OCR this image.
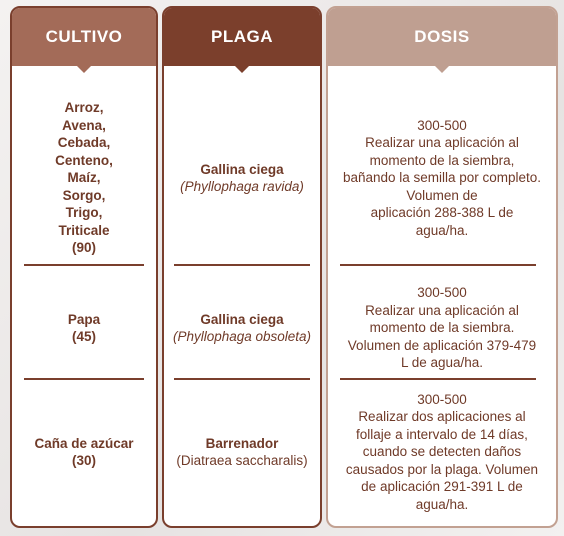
CULTIVO
Arroz,
Avena,
Cebada,
Centeno,
Maíz,
Sorgo,
Trigo,
Triticale
(90)
Papa
(45)
Caña de azúcar
(30)
PLAGA
Gallina ciega
(Phyllophaga ravida)
Gallina ciega
(Phyllophaga obsoleta)
Barrenador
(Diatraea saccharalis)
DOSIS
300-500
Realizar una aplicación al
momento de la siembra,
bañando la semilla por completo.
Volumen de
aplicación 288-388 L de
agua/ha.
300-500
Realizar una aplicación al
momento de la siembra.
Volumen de aplicación 379-479
L de agua/ha.
300-500
Realizar dos aplicaciones al
follaje a intervalo de 14 días,
cuando se detecten daños
causados por la plaga. Volumen
de aplicación 291-391 L de
agua/ha.
